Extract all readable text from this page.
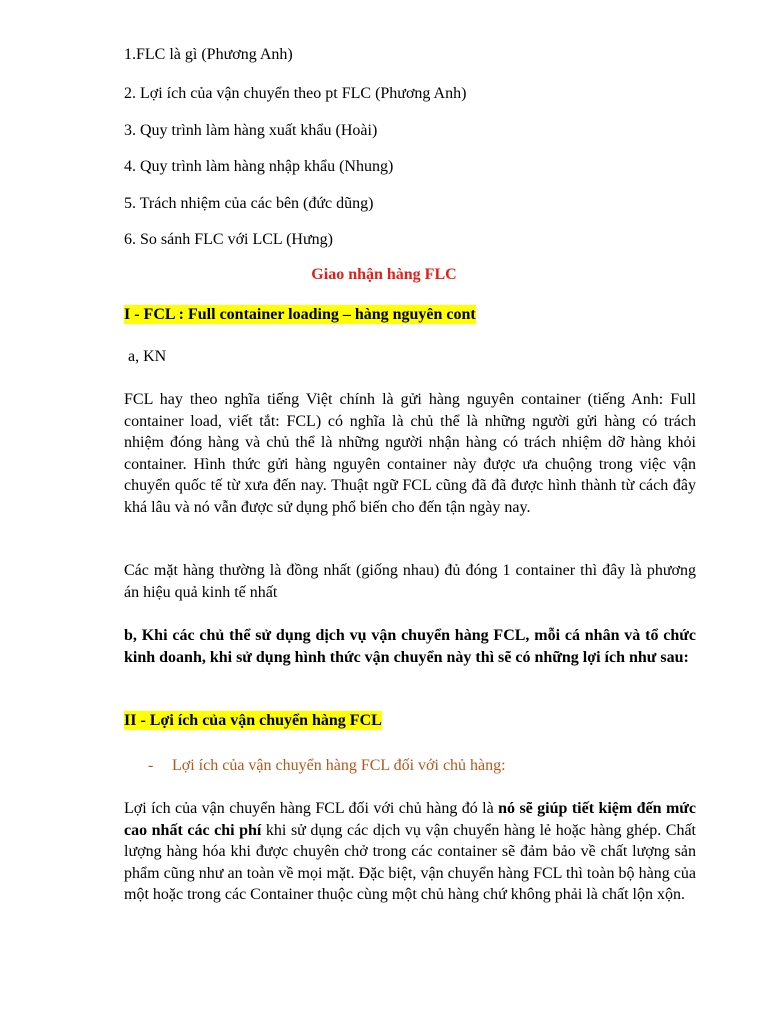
1.FLC là gì (Phương Anh)
2. Lợi ích của vận chuyển theo pt FLC (Phương Anh)
3. Quy trình làm hàng xuất khẩu (Hoài)
4. Quy trình làm hàng nhập khẩu (Nhung)
5. Trách nhiệm của các bên (đức dũng)
6. So sánh FLC với LCL (Hưng)
Giao nhận hàng FLC
I - FCL : Full container loading – hàng nguyên cont
a, KN
FCL hay theo nghĩa tiếng Việt chính là gửi hàng nguyên container (tiếng Anh: Full container load, viết tắt: FCL) có nghĩa là chủ thể là những người gửi hàng có trách nhiệm đóng hàng và chủ thể là những người nhận hàng có trách nhiệm dỡ hàng khỏi container. Hình thức gửi hàng nguyên container này được ưa chuộng trong việc vận chuyển quốc tế từ xưa đến nay. Thuật ngữ FCL cũng đã đã được hình thành từ cách đây khá lâu và nó vẫn được sử dụng phổ biến cho đến tận ngày nay.
Các mặt hàng thường là đồng nhất (giống nhau) đủ đóng 1 container thì đây là phương án hiệu quả kinh tế nhất
b, Khi các chủ thể sử dụng dịch vụ vận chuyển hàng FCL, mỗi cá nhân và tổ chức kinh doanh, khi sử dụng hình thức vận chuyển này thì sẽ có những lợi ích như sau:
II - Lợi ích của vận chuyển hàng FCL
- Lợi ích của vận chuyển hàng FCL đối với chủ hàng:
Lợi ích của vận chuyển hàng FCL đối với chủ hàng đó là nó sẽ giúp tiết kiệm đến mức cao nhất các chi phí khi sử dụng các dịch vụ vận chuyển hàng lẻ hoặc hàng ghép. Chất lượng hàng hóa khi được chuyên chở trong các container sẽ đảm bảo về chất lượng sản phẩm cũng như an toàn về mọi mặt. Đặc biệt, vận chuyển hàng FCL thì toàn bộ hàng của một hoặc trong các Container thuộc cùng một chủ hàng chứ không phải là chất lộn xộn.
